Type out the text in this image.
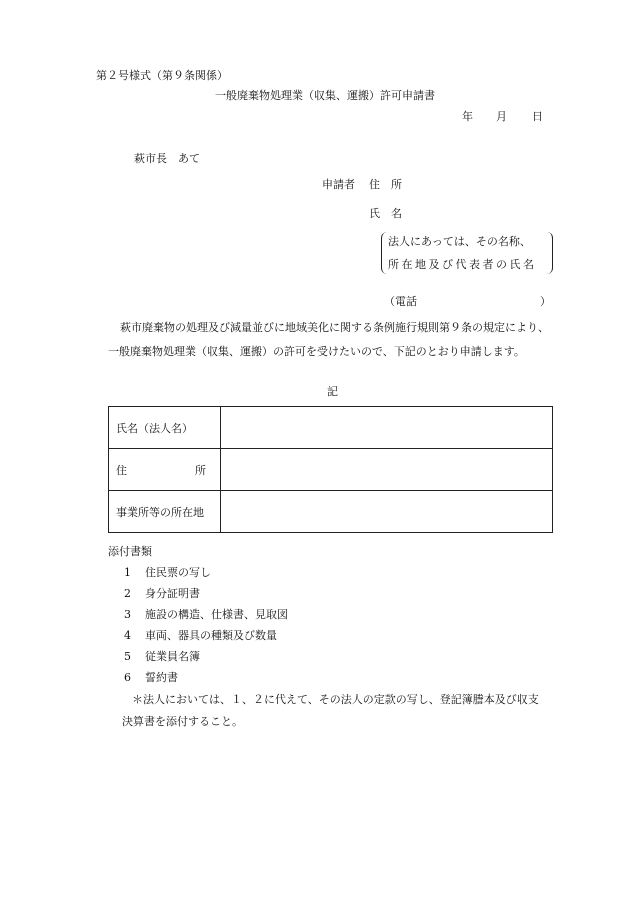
第２号様式（第９条関係）
一般廃棄物処理業（収集、運搬）許可申請書
年 月 日
萩市長　あて
申請者 住　所
氏　名
法人にあっては、その名称、
所在地及び代表者の氏名
（電話	）
萩市廃棄物の処理及び減量並びに地域美化に関する条例施行規則第９条の規定により、
一般廃棄物処理業（収集、運搬）の許可を受けたいので、下記のとおり申請します。
記
氏名（法人名）	

住 所	

事業所等の所在地	
添付書類
1 住民票の写し
2 身分証明書
3 施設の構造、仕様書、見取図
4 車両、器具の種類及び数量
5 従業員名簿
6 誓約書
＊法人においては、１、２に代えて、その法人の定款の写し、登記簿謄本及び収支
決算書を添付すること。
